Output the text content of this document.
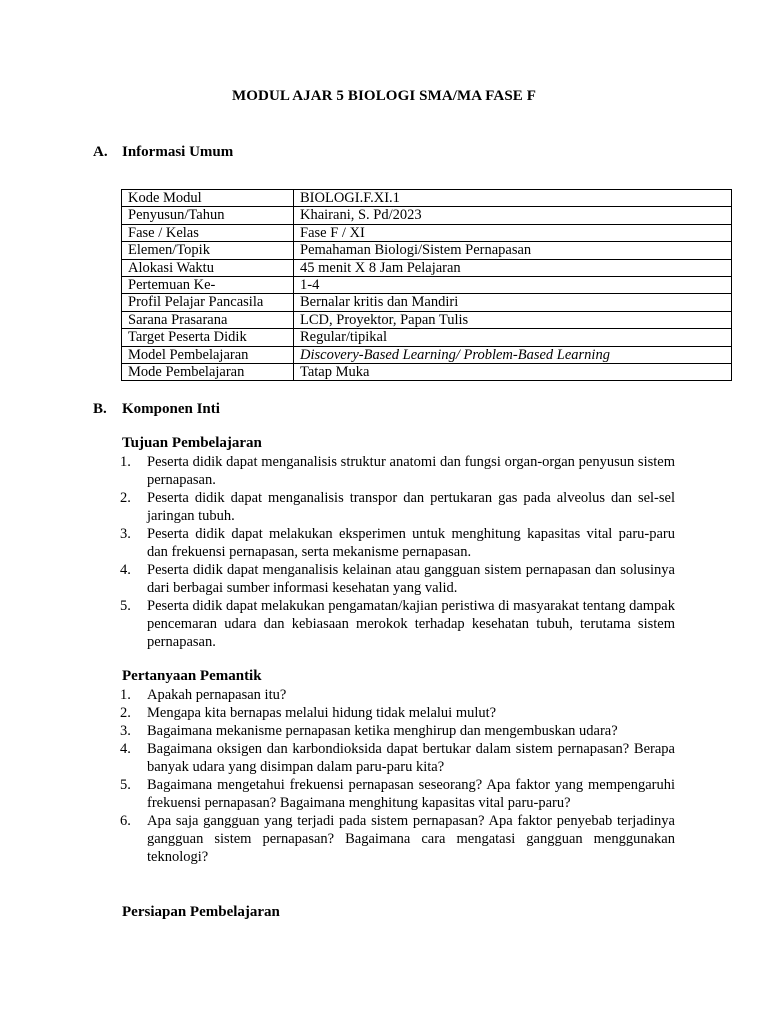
MODUL AJAR 5 BIOLOGI SMA/MA FASE F
A. Informasi Umum
Kode Modul	BIOLOGI.F.XI.1
Penyusun/Tahun	Khairani, S. Pd/2023
Fase / Kelas	Fase F / XI
Elemen/Topik	Pemahaman Biologi/Sistem Pernapasan
Alokasi Waktu	45 menit X 8 Jam Pelajaran
Pertemuan Ke-	1-4
Profil Pelajar Pancasila	Bernalar kritis dan Mandiri
Sarana Prasarana	LCD, Proyektor, Papan Tulis
Target Peserta Didik	Regular/tipikal
Model Pembelajaran	Discovery-Based Learning/ Problem-Based Learning
Mode Pembelajaran	Tatap Muka
B. Komponen Inti
Tujuan Pembelajaran
1. Peserta didik dapat menganalisis struktur anatomi dan fungsi organ-organ penyusun sistem pernapasan.
2. Peserta didik dapat menganalisis transpor dan pertukaran gas pada alveolus dan sel-sel jaringan tubuh.
3. Peserta didik dapat melakukan eksperimen untuk menghitung kapasitas vital paru-paru dan frekuensi pernapasan, serta mekanisme pernapasan.
4. Peserta didik dapat menganalisis kelainan atau gangguan sistem pernapasan dan solusinya dari berbagai sumber informasi kesehatan yang valid.
5. Peserta didik dapat melakukan pengamatan/kajian peristiwa di masyarakat tentang dampak pencemaran udara dan kebiasaan merokok terhadap kesehatan tubuh, terutama sistem pernapasan.
Pertanyaan Pemantik
1. Apakah pernapasan itu?
2. Mengapa kita bernapas melalui hidung tidak melalui mulut?
3. Bagaimana mekanisme pernapasan ketika menghirup dan mengembuskan udara?
4. Bagaimana oksigen dan karbondioksida dapat bertukar dalam sistem pernapasan? Berapa banyak udara yang disimpan dalam paru-paru kita?
5. Bagaimana mengetahui frekuensi pernapasan seseorang? Apa faktor yang mempengaruhi frekuensi pernapasan? Bagaimana menghitung kapasitas vital paru-paru?
6. Apa saja gangguan yang terjadi pada sistem pernapasan? Apa faktor penyebab terjadinya gangguan sistem pernapasan? Bagaimana cara mengatasi gangguan menggunakan teknologi?
Persiapan Pembelajaran
